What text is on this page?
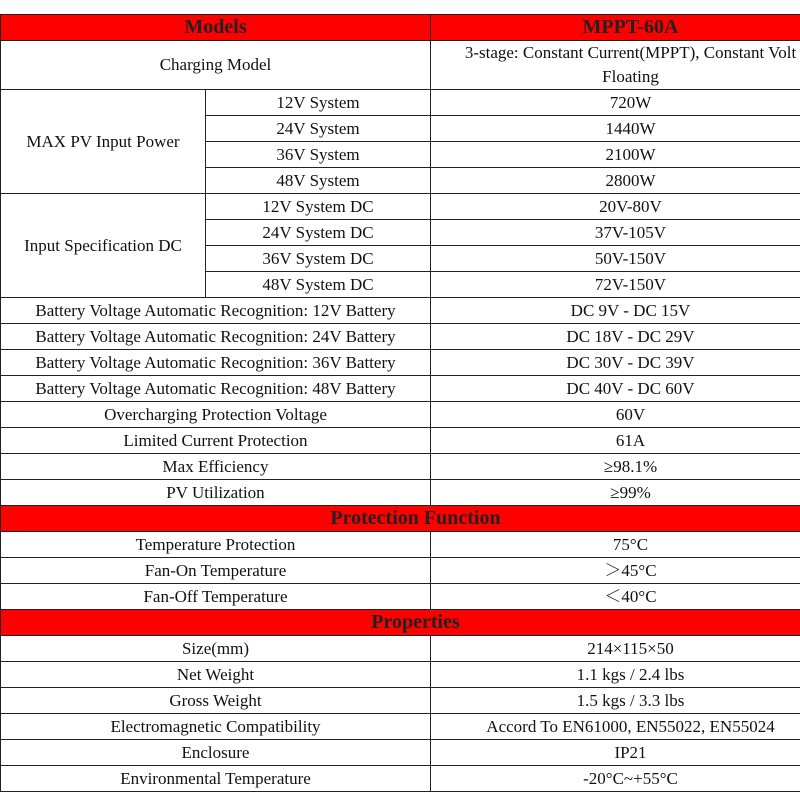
Models		MPPT-60A
Charging Model		3-stage: Constant Current(MPPT), Constant Volt
Floating

MAX PV Input Power	12V System	720W
	24V System	1440W
	36V System	2100W
	48V System	2800W
Input Specification DC	12V System DC	20V-80V
	24V System DC	37V-105V
	36V System DC	50V-150V
	48V System DC	72V-150V
Battery Voltage Automatic Recognition: 12V Battery		DC 9V - DC 15V
Battery Voltage Automatic Recognition: 24V Battery		DC 18V - DC 29V
Battery Voltage Automatic Recognition: 36V Battery		DC 30V - DC 39V
Battery Voltage Automatic Recognition: 48V Battery		DC 40V - DC 60V
Overcharging Protection Voltage		60V
Limited Current Protection		61A
Max Efficiency		≥98.1%
PV Utilization		≥99%
Protection Function		
Temperature Protection		75°C
Fan-On Temperature		＞45°C
Fan-Off Temperature		＜40°C
Properties		
Size(mm)		214×115×50
Net Weight		1.1 kgs / 2.4 lbs
Gross Weight		1.5 kgs / 3.3 lbs
Electromagnetic Compatibility		Accord To EN61000, EN55022, EN55024
Enclosure		IP21
Environmental Temperature		-20°C~+55°C
